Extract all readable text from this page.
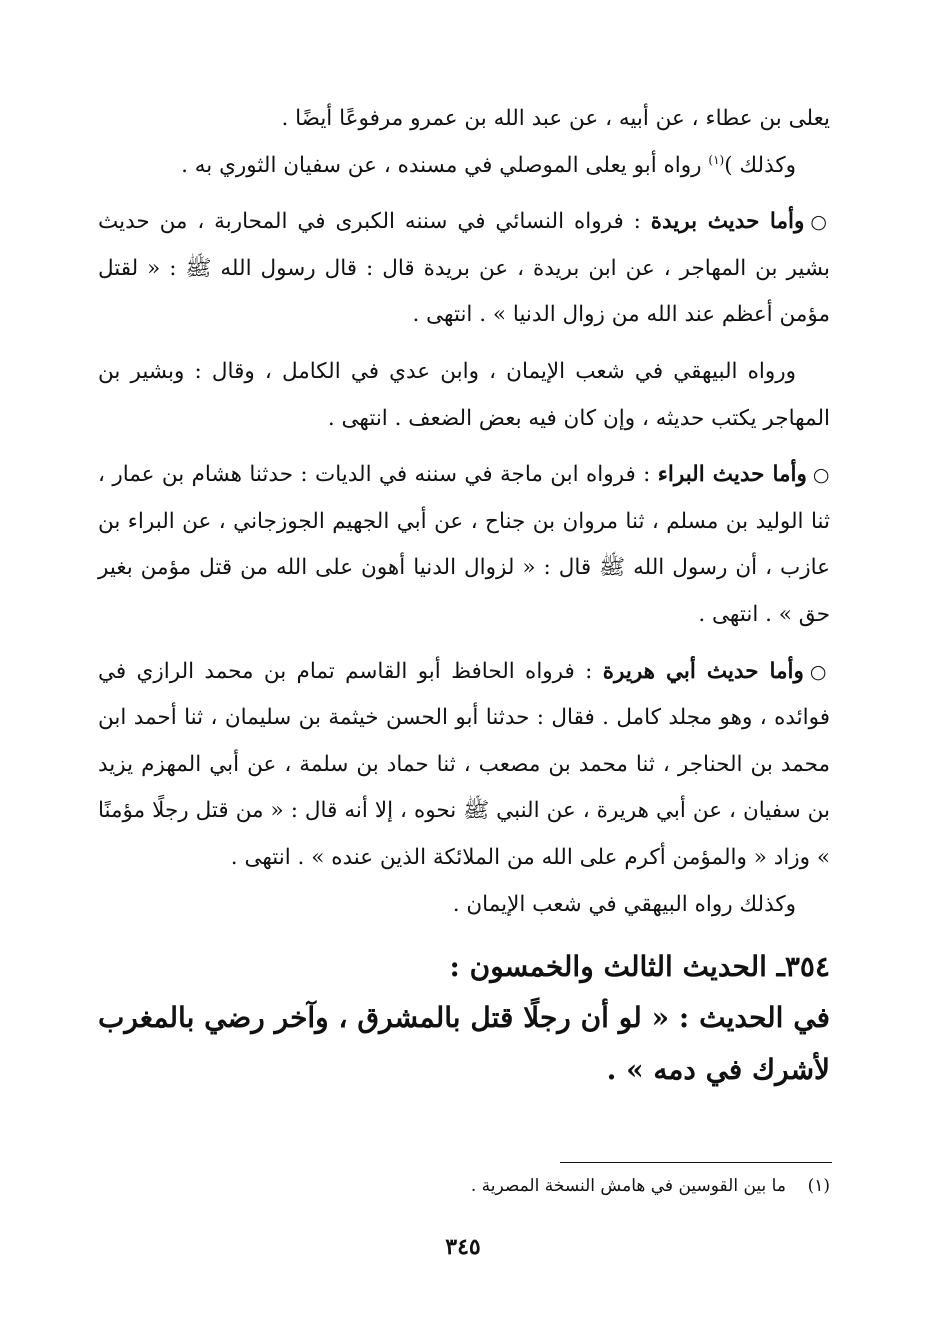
يعلى بن عطاء ، عن أبيه ، عن عبد الله بن عمرو مرفوعًا أيضًا .

وكذلك )$^{(١)}$ رواه أبو يعلى الموصلي في مسنده ، عن سفيان الثوري به .

○وأما حديث بريدة : فرواه النسائي في سننه الكبرى في المحاربة ، من حديث بشير بن المهاجر ، عن ابن بريدة ، عن بريدة قال : قال رسول الله ﷺ : « لقتل مؤمن أعظم عند الله من زوال الدنيا » . انتهى .

ورواه البيهقي في شعب الإيمان ، وابن عدي في الكامل ، وقال : وبشير بن المهاجر يكتب حديثه ، وإن كان فيه بعض الضعف . انتهى .

○وأما حديث البراء : فرواه ابن ماجة في سننه في الديات : حدثنا هشام بن عمار ، ثنا الوليد بن مسلم ، ثنا مروان بن جناح ، عن أبي الجهيم الجوزجاني ، عن البراء بن عازب ، أن رسول الله ﷺ قال : « لزوال الدنيا أهون على الله من قتل مؤمن بغير حق » . انتهى .

○وأما حديث أبي هريرة : فرواه الحافظ أبو القاسم تمام بن محمد الرازي في فوائده ، وهو مجلد كامل . فقال : حدثنا أبو الحسن خيثمة بن سليمان ، ثنا أحمد ابن محمد بن الحناجر ، ثنا محمد بن مصعب ، ثنا حماد بن سلمة ، عن أبي المهزم يزيد بن سفيان ، عن أبي هريرة ، عن النبي ﷺ نحوه ، إلا أنه قال : « من قتل رجلًا مؤمنًا » وزاد « والمؤمن أكرم على الله من الملائكة الذين عنده » . انتهى .

وكذلك رواه البيهقي في شعب الإيمان .

٣٥٤ـ الحديث الثالث والخمسون :
في الحديث : « لو أن رجلًا قتل بالمشرق ، وآخر رضي بالمغرب لأشرك في دمه » .
(١)    ما بين القوسين في هامش النسخة المصرية .
٣٤٥
